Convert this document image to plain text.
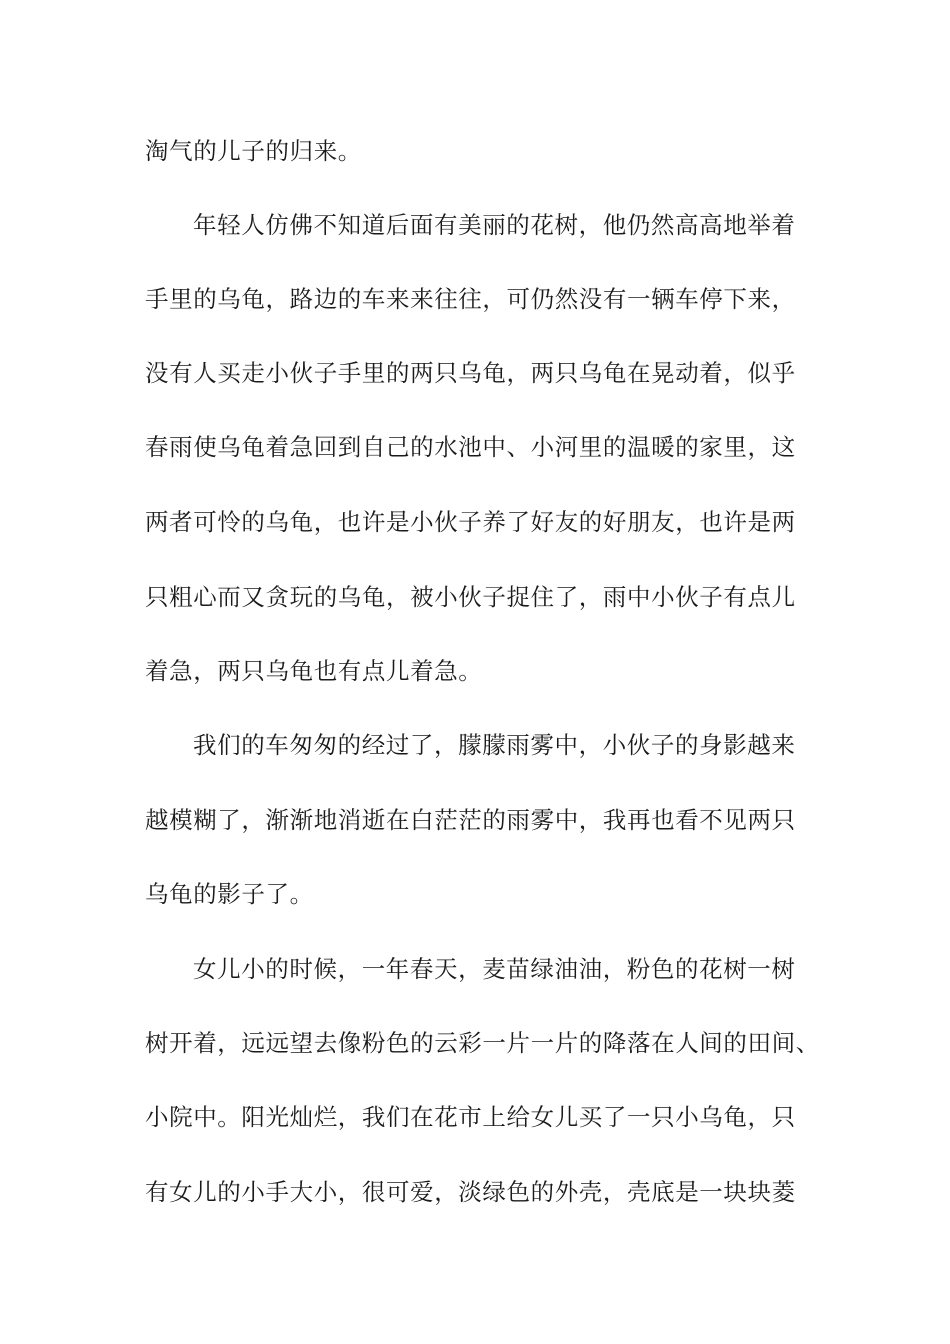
淘气的儿子的归来。
年轻人仿佛不知道后面有美丽的花树，他仍然高高地举着
手里的乌龟，路边的车来来往往，可仍然没有一辆车停下来，
没有人买走小伙子手里的两只乌龟，两只乌龟在晃动着，似乎
春雨使乌龟着急回到自己的水池中、小河里的温暖的家里，这
两者可怜的乌龟，也许是小伙子养了好友的好朋友，也许是两
只粗心而又贪玩的乌龟，被小伙子捉住了，雨中小伙子有点儿
着急，两只乌龟也有点儿着急。
我们的车匆匆的经过了，朦朦雨雾中，小伙子的身影越来
越模糊了，渐渐地消逝在白茫茫的雨雾中，我再也看不见两只
乌龟的影子了。
女儿小的时候，一年春天，麦苗绿油油，粉色的花树一树
树开着，远远望去像粉色的云彩一片一片的降落在人间的田间、
小院中。阳光灿烂，我们在花市上给女儿买了一只小乌龟，只
有女儿的小手大小，很可爱，淡绿色的外壳，壳底是一块块菱
